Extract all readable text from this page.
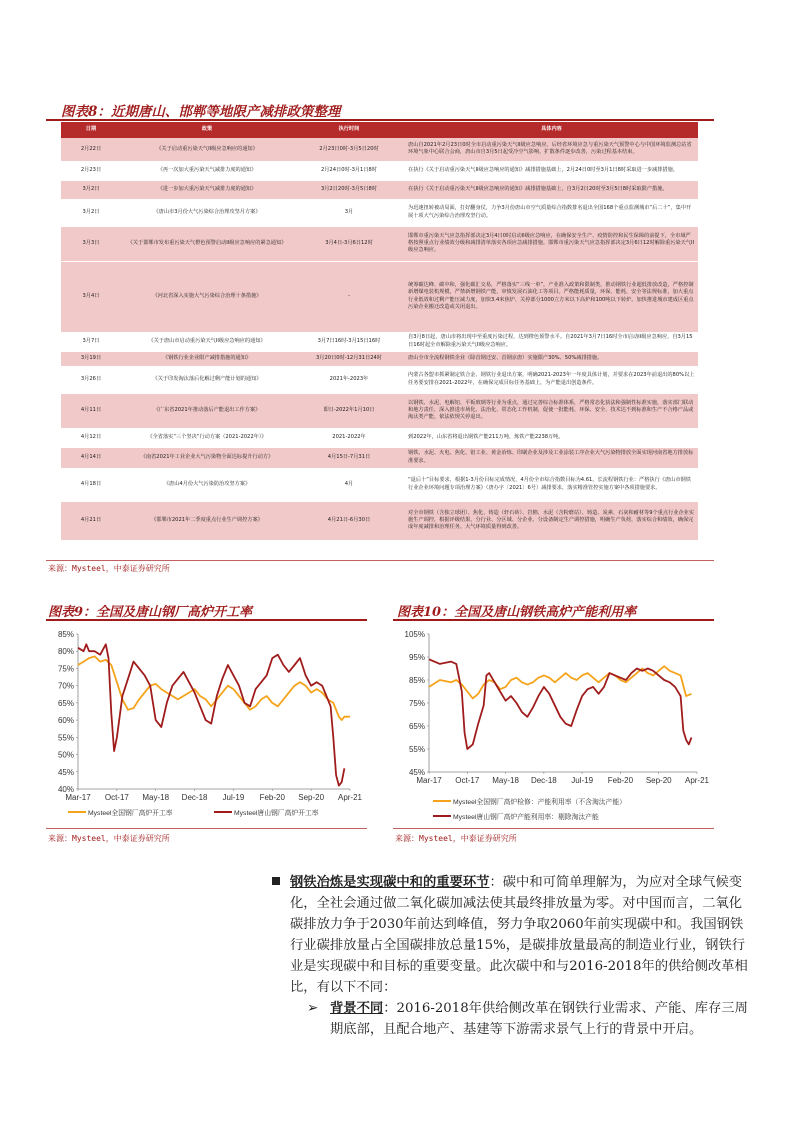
图表8：近期唐山、邯郸等地限产减排政策整理
日期	政策	执行时间	具体内容
2月22日	《关于启动重污染天气II级应急响应的通知》	2月23日0时-3月5日20时	唐山自2021年2月23日0时全市启动重污染天气II级应急响应。后经省环境应急与重污染天气预警中心与中国环境监测总站省环境气象中心联合会商，唐山市自3月5日起受冷空气影响，扩散条件逐步改善，污染过程基本结束。
2月23日	《再一次加大重污染天气减排力度的通知》	2月24日0时-3月1日8时	在执行《关于启动重污染天气II级应急响应的通知》减排措施基础上，2月24日0时至3月1日8时采取进一步减排措施。
3月2日	《进一步加大重污染天气减排力度的通知》	3月2日20时-3月5日8时	在执行《关于启动重污染天气II级应急响应的通知》减排措施基础上，自3月2日20时至3月5日8时采取限产措施。
3月2日	《唐山市3月份大气污染综合治理攻坚月方案》	3月	为迅速扭转被动局面，打好翻身仗，力争3月份唐山市空气质量综合指数排名退出全国168个重点监测城市“后二十”，集中开展十项大气污染综合治理攻坚行动。
3月3日	《关于邯郸市发布重污染天气橙色预警启动II级应急响应的紧急通知》	3月4日-3月6日12时	邯郸市重污染天气应急指挥部决定3月4日0时启动II级应急响应，在确保安全生产、疫情防控和民生保障的前提下，全市域严格按照重点行业绩效分级和减排清单落实各项应急减排措施。邯郸市重污染天气应急指挥部决定3月6日12时解除重污染天气II级应急响应。
3月4日	《河北省深入实施大气污染综合治理十条措施》	-	统筹碳达峰、碳中和，强化碳汇交易，严格落实“三线一单”，产业准入政策和限制类，推动钢铁行业超低排放改造，严格控制新增煤电装机规模，严禁新增钢铁产能，审慎发展石油化工等项目。严格能耗质量，环保、能耗、安全等法规标准，加大重点行业低效和过剩产能压减力度，加快3.4米焦炉、关停部分1000立方米以下高炉和100吨以下转炉。加快推进城市建成区重点污染企业搬迁改造或关闭退出。
3月7日	《关于唐山市启动重污染天气II级应急响应的通知》	3月7日16时-3月15日16时	自3月8日起，唐山市将出现中至重度污染过程，达到橙色预警水平。自2021年3月7日16时全市启动II级应急响应，自3月15日16时起全市解除重污染天气II级应急响应。
3月19日	《钢铁行业企业限产减排措施的通知》	3月20日0时-12月31日24时	唐山全市全流程钢铁企业（除首钢迁安、首钢京唐）实施限产30%、50%减排措施。
3月26日	《关于印发淘汰落后化解过剩产能计划的通知》	2021年-2023年	内蒙古各盟市抓紧制定铁合金、钢铁行业退出方案，明确2021-2023年一年度具体计划，并要求在2023年前退出的80%以上任务要安排在2021-2022年，在确保完成目标任务基础上，为产能退出创造条件。
4月11日	《广东省2021年推动落后产能退出工作方案》	即日-2022年1月10日	以钢铁、水泥、电解铝、平板玻璃等行业为重点，通过完善综合标准体系，严格常态化执法和强制性标准实施，落实部门联动和地方责任，深入推进市场化、法治化、常态化工作机制，促使一批能耗、环保、安全、技术达不到标准和生产不合格产品或淘汰类产能，依法依规关停退出。
4月12日	《全省落实“三个坚决”行动方案（2021-2022年）》	2021-2022年	到2022年，山东省将退出钢铁产能211万吨、炼铁产能2238万吨。
4月14日	《南省2021年工业企业大气污染物全面达标提升行动方》	4月15日-7月31日	钢铁、水泥、火电、焦化、铝工业、黄金冶炼、印刷企业及涉及工业涂装工序企业大气污染物排放全面实现河南省地方排放标准要求。
4月18日	《唐山4月份大气污染防治攻坚方案》	4月	“退后十”目标要求，根据1-3月份目标完成情况，4月份全市综合指数目标为4.61。长流程钢铁行业：严格执行《唐山市钢铁行业企业环境问题专项治理方案》（唐办字〔2021〕6号）减排要求，落实精准管控实施方案中各项措施要求。
4月21日	《邯郸市2021年二季度重点行业生产调控方案》	4月21日-6月30日	对全市钢铁（含独立球团）、焦化、铸造（轩石砖）、岩棉、水泥（含粉磨站）、铸造、炭素、石灰和耐材等9个重点行业企业实施生产调控，根据评级结果，分行业、分区域、分企业、分设备制定生产调控措施，明确生产负荷，落实综合和绩效，确保完成年度减排和治理任务。大气环境质量得到改善。
来源：Mysteel，中泰证券研究所
图表9：全国及唐山钢厂高炉开工率
40%
45%
50%
55%
60%
65%
70%
75%
80%
85%
Mar-17 Oct-17 May-18 Dec-18 Jul-19 Feb-20 Sep-20 Apr-21
Mysteel全国钢厂高炉开工率	Mysteel唐山钢厂高炉开工率
来源：Mysteel，中泰证券研究所
图表10：全国及唐山钢铁高炉产能利用率
45%
55%
65%
75%
85%
95%
105%
Mar-17 Oct-17 May-18 Dec-18 Jul-19 Feb-20 Sep-20 Apr-21
Mysteel全国钢厂高炉检修：产能利用率（不含淘汰产能）
Mysteel唐山钢厂高炉产能利用率：剔除淘汰产能
来源：Mysteel，中泰证券研究所

钢铁冶炼是实现碳中和的重要环节：碳中和可简单理解为，为应对全球气候变化，全社会通过做二氧化碳加减法使其最终排放量为零。对中国而言，二氧化碳排放力争于2030年前达到峰值，努力争取2060年前实现碳中和。我国钢铁行业碳排放量占全国碳排放总量15%，是碳排放量最高的制造业行业，钢铁行业是实现碳中和目标的重要变量。此次碳中和与2016-2018年的供给侧改革相比，有以下不同：

➢ 背景不同：2016-2018年供给侧改革在钢铁行业需求、产能、库存三周期底部，且配合地产、基建等下游需求景气上行的背景中开启。
